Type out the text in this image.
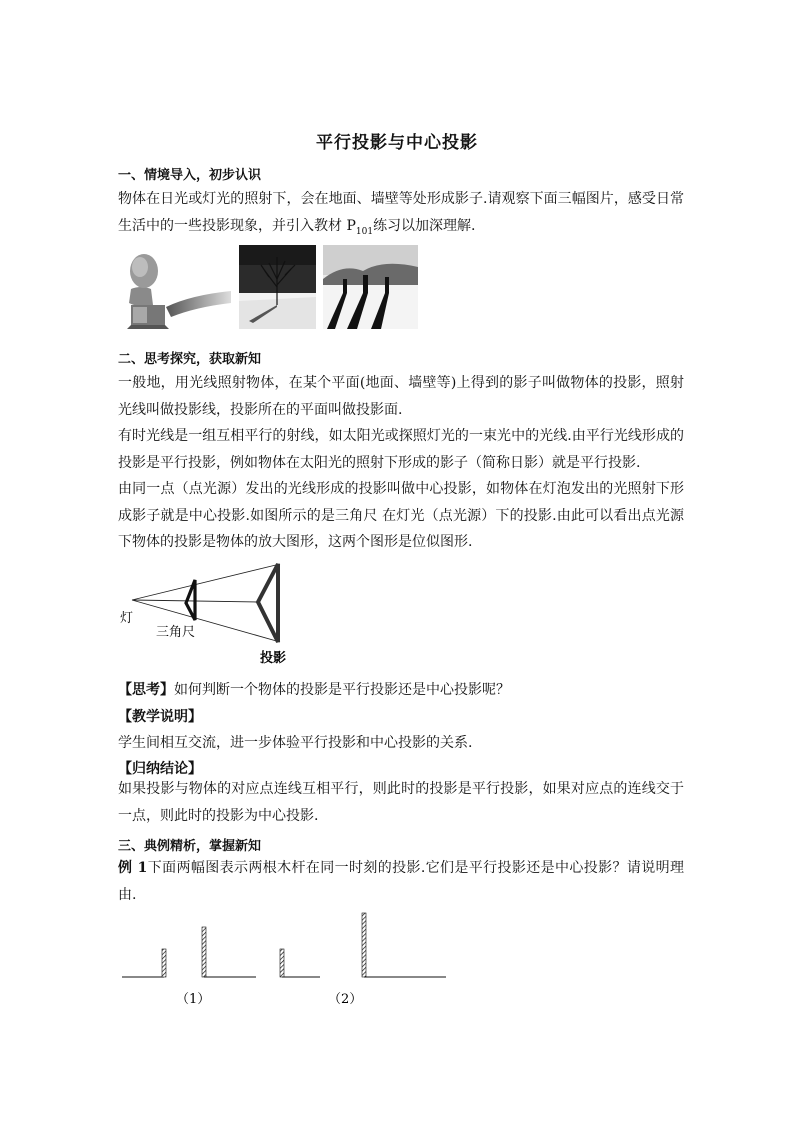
平行投影与中心投影
一、情境导入，初步认识
物体在日光或灯光的照射下，会在地面、墙壁等处形成影子.请观察下面三幅图片，感受日常生活中的一些投影现象，并引入教材 $P_{101}$练习以加深理解.
二、思考探究，获取新知
一般地，用光线照射物体，在某个平面(地面、墙壁等)上得到的影子叫做物体的投影，照射光线叫做投影线，投影所在的平面叫做投影面.
有时光线是一组互相平行的射线，如太阳光或探照灯光的一束光中的光线.由平行光线形成的投影是平行投影，例如物体在太阳光的照射下形成的影子（简称日影）就是平行投影.
由同一点（点光源）发出的光线形成的投影叫做中心投影，如物体在灯泡发出的光照射下形成影子就是中心投影.如图所示的是三角尺 在灯光（点光源）下的投影.由此可以看出点光源下物体的投影是物体的放大图形，这两个图形是位似图形.
灯
三角尺
投影
【思考】如何判断一个物体的投影是平行投影还是中心投影呢？
【教学说明】
学生间相互交流，进一步体验平行投影和中心投影的关系.
【归纳结论】
如果投影与物体的对应点连线互相平行，则此时的投影是平行投影，如果对应点的连线交于一点，则此时的投影为中心投影.
三、典例精析，掌握新知
例 1下面两幅图表示两根木杆在同一时刻的投影.它们是平行投影还是中心投影？请说明理由.
（1）	（2）
